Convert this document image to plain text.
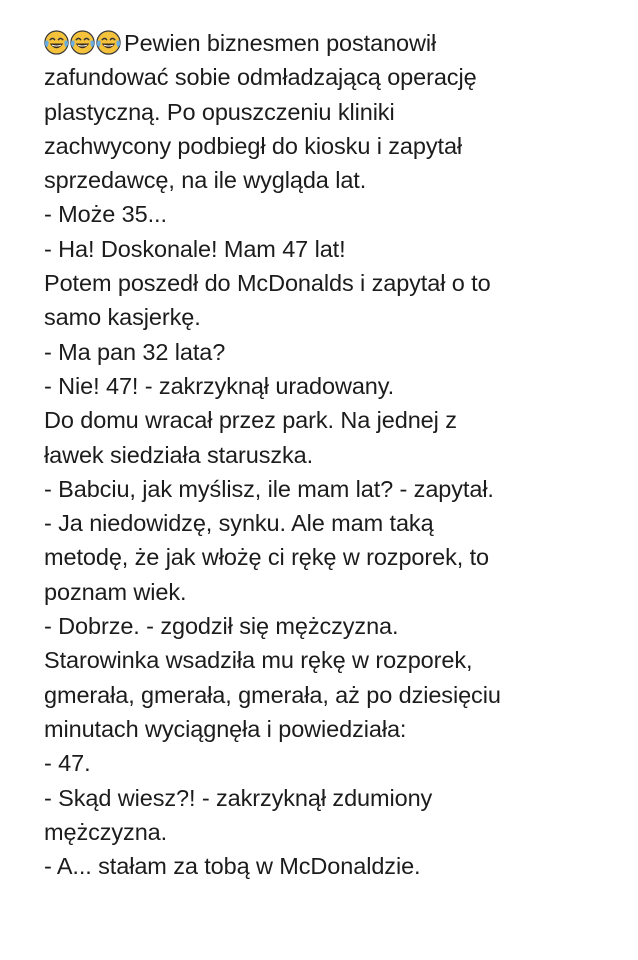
Pewien biznesmen postanowił
zafundować sobie odmładzającą operację
plastyczną. Po opuszczeniu kliniki
zachwycony podbiegł do kiosku i zapytał
sprzedawcę, na ile wygląda lat.
- Może 35...
- Ha! Doskonale! Mam 47 lat!
Potem poszedł do McDonalds i zapytał o to
samo kasjerkę.
- Ma pan 32 lata?
- Nie! 47! - zakrzyknął uradowany.
Do domu wracał przez park. Na jednej z
ławek siedziała staruszka.
- Babciu, jak myślisz, ile mam lat? - zapytał.
- Ja niedowidzę, synku. Ale mam taką
metodę, że jak włożę ci rękę w rozporek, to
poznam wiek.
- Dobrze. - zgodził się mężczyzna.
Starowinka wsadziła mu rękę w rozporek,
gmerała, gmerała, gmerała, aż po dziesięciu
minutach wyciągnęła i powiedziała:
- 47.
- Skąd wiesz?! - zakrzyknął zdumiony
mężczyzna.
- A... stałam za tobą w McDonaldzie.
